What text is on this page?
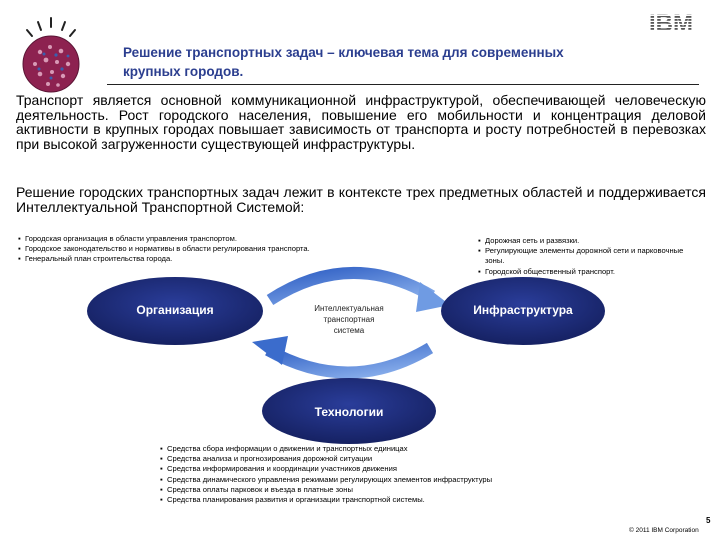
IBM
Решение транспортных задач – ключевая тема для современных
крупных городов.
Транспорт является основной коммуникационной инфраструктурой, обеспечивающей человеческую деятельность. Рост городского населения, повышение его мобильности и концентрация деловой активности в крупных городах повышает зависимость от транспорта и росту потребностей в перевозках при высокой загруженности существующей инфраструктуры.
Решение городских транспортных задач лежит в контексте трех предметных областей и поддерживается Интеллектуальной Транспортной Системой:
▪ Городская организация в области управления транспортом.
▪ Городское законодательство и нормативы в области регулирования транспорта.
▪ Генеральный план строительства города.
▪ Дорожная сеть и развязки.
▪ Регулирующие элементы дорожной сети и парковочные зоны.
▪ Городской общественный транспорт.
Организация	Инфраструктура
Технологии
Интеллектуальная
транспортная
система
▪ Средства сбора информации о движении и транспортных единицах
▪ Средства анализа и прогнозирования дорожной ситуации
▪ Средства информирования и координации участников движения
▪ Средства динамического управления режимами регулирующих элементов инфраструктуры
▪ Средства оплаты парковок и въезда в платные зоны
▪ Средства планирования развития и организации транспортной системы.
5
© 2011 IBM Corporation
